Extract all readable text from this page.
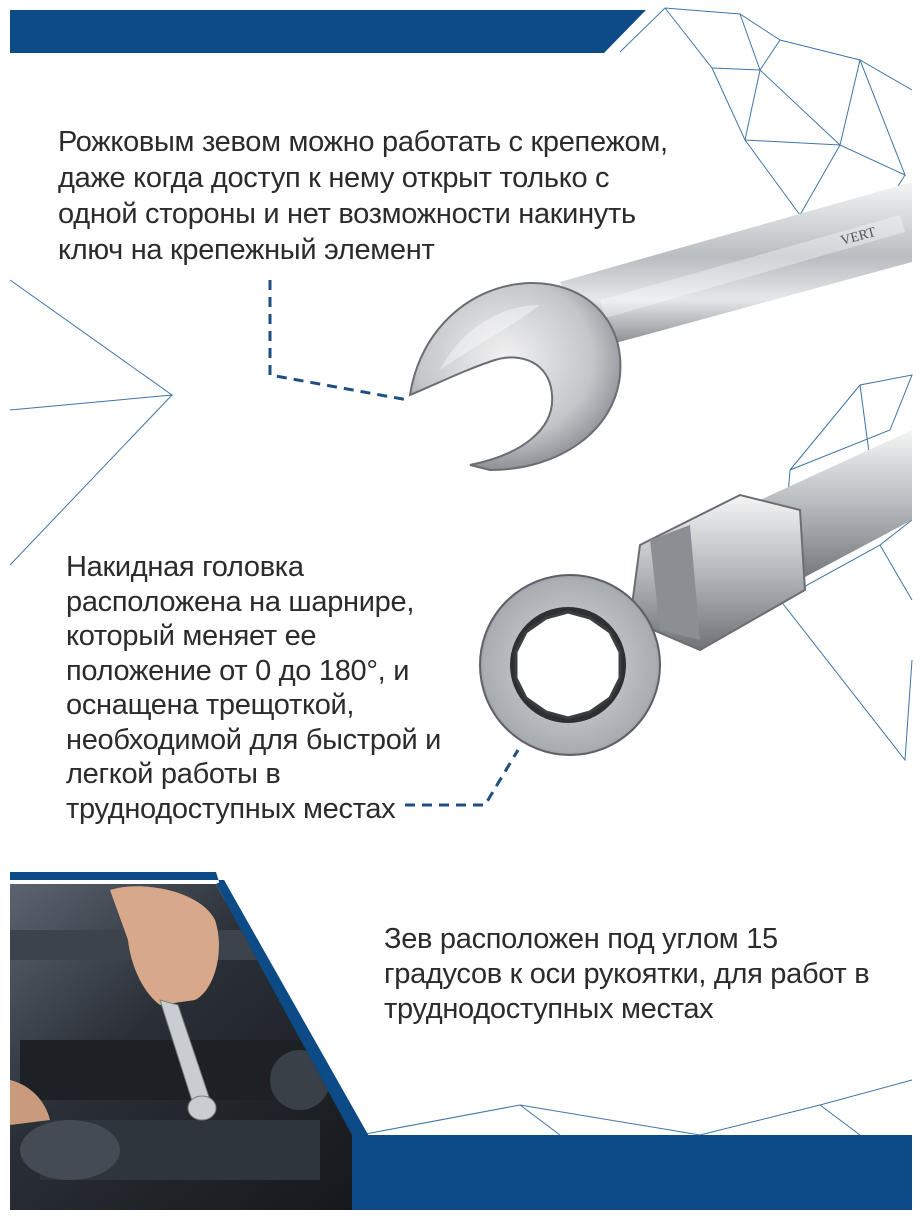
VERT
Рожковым зевом можно работать с крепежом,
даже когда доступ к нему открыт только с
одной стороны и нет возможности накинуть
ключ на крепежный элемент
Накидная головка
расположена на шарнире,
который меняет ее
положение от 0 до 180°, и
оснащена трещоткой,
необходимой для быстрой и
легкой работы в
труднодоступных местах
Зев расположен под углом 15
градусов к оси рукоятки, для работ в
труднодоступных местах
